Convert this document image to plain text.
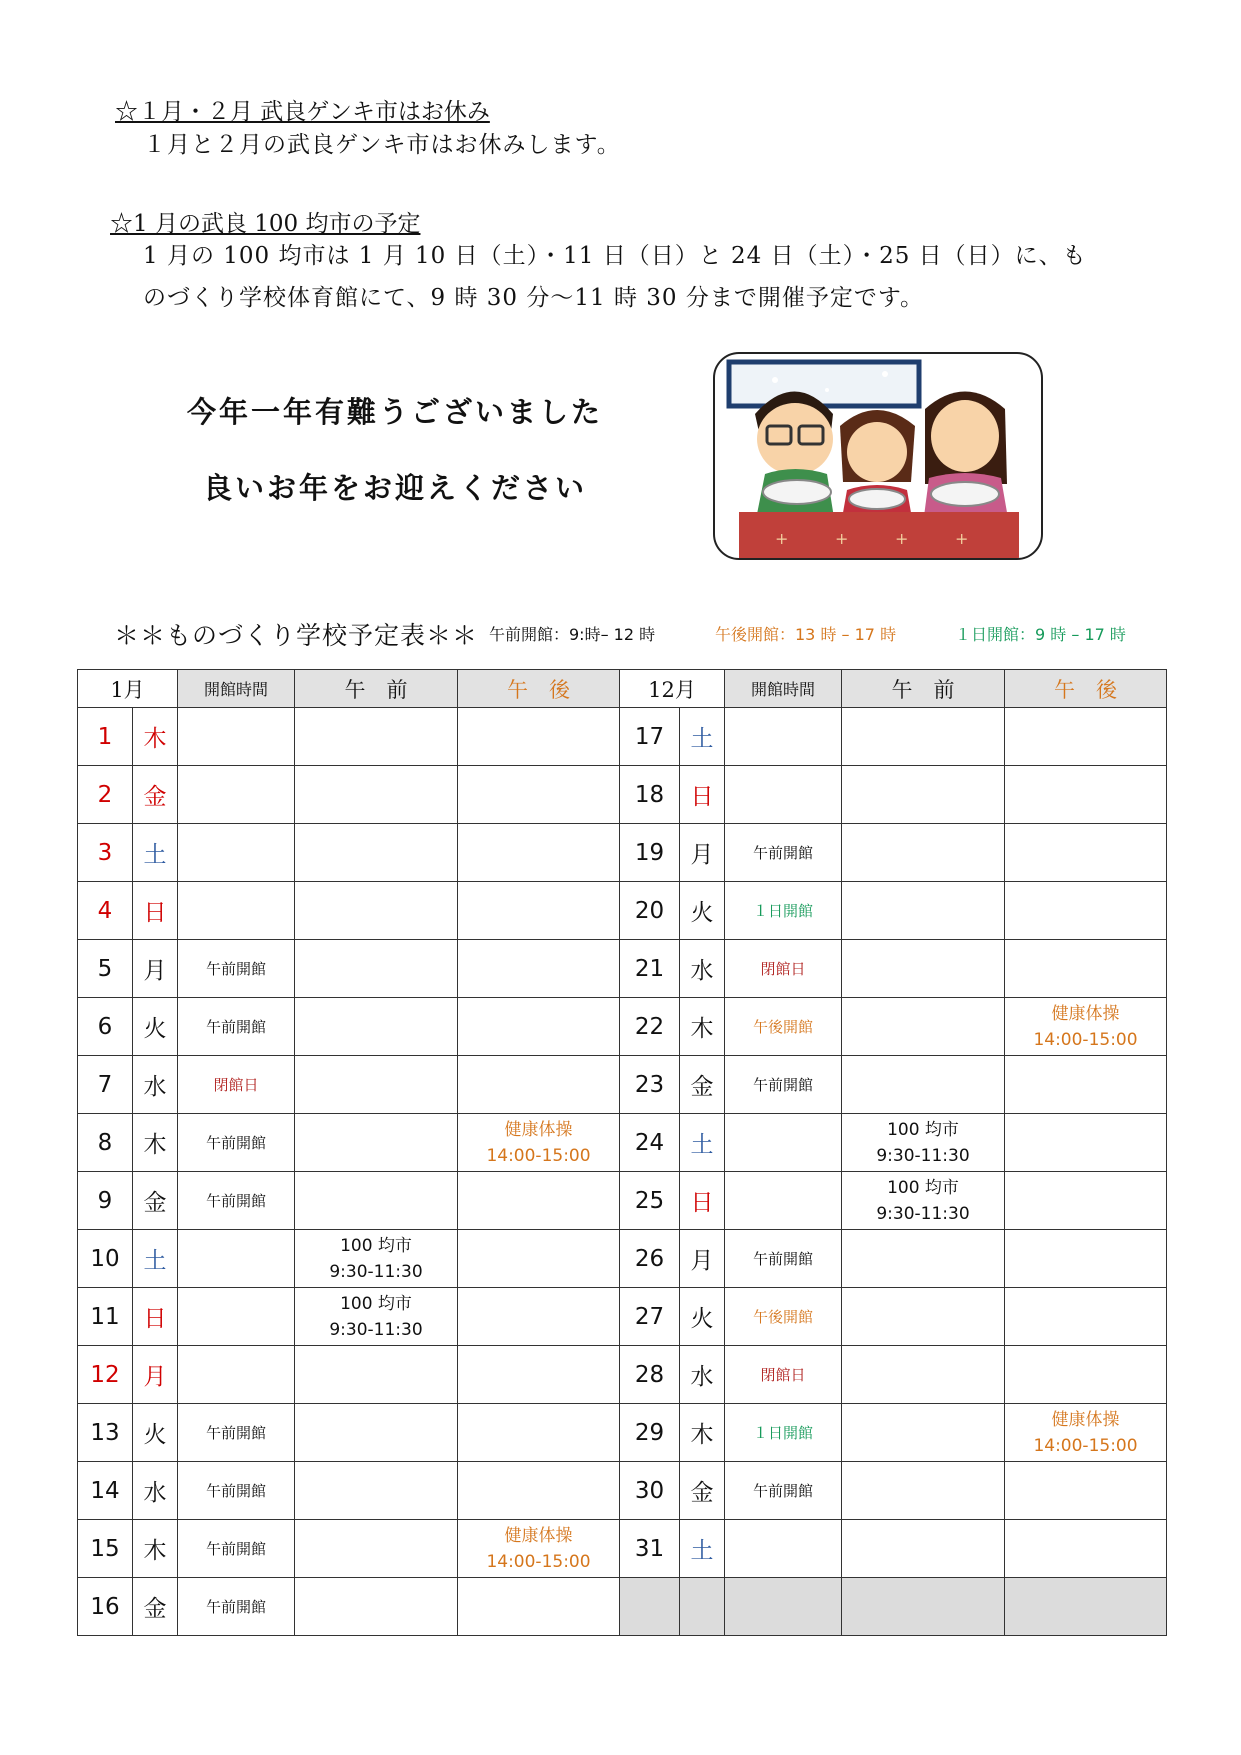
☆１月・２月 武良ゲンキ市はお休み
１月と２月の武良ゲンキ市はお休みします。
☆1 月の武良 100 均市の予定
1 月の 100 均市は 1 月 10 日（土）・11 日（日）と 24 日（土）・25 日（日）に、も
のづくり学校体育館にて、9 時 30 分〜11 時 30 分まで開催予定です。
今年一年有難うございました
良いお年をお迎えください
+	+	+	+
＊＊ものづくり学校予定表＊＊ 午前開館：9:時– 12 時	午後開館：13 時 – 17 時	１日開館：9 時 – 17 時
1月		開館時間	午　前	午　後	12月		開館時間	午　前	午　後
1	木				17	土			
2	金				18	日			
3	土				19	月	午前開館		
4	日				20	火	１日開館		
5	月	午前開館			21	水	閉館日		
6	火	午前開館			22	木	午後開館		健康体操
14:00-15:00

7	水	閉館日			23	金	午前開館		
8	木	午前開館		健康体操
14:00-15:00	24	土		100 均市
9:30-11:30	

9	金	午前開館			25	日		100 均市
9:30-11:30	

10	土		100 均市
9:30-11:30		26	月	午前開館		
11	日		100 均市
9:30-11:30		27	火	午後開館		
12	月				28	水	閉館日		
13	火	午前開館			29	木	１日開館		健康体操
14:00-15:00

14	水	午前開館			30	金	午前開館		
15	木	午前開館		健康体操
14:00-15:00	31	土			
16	金	午前開館							
